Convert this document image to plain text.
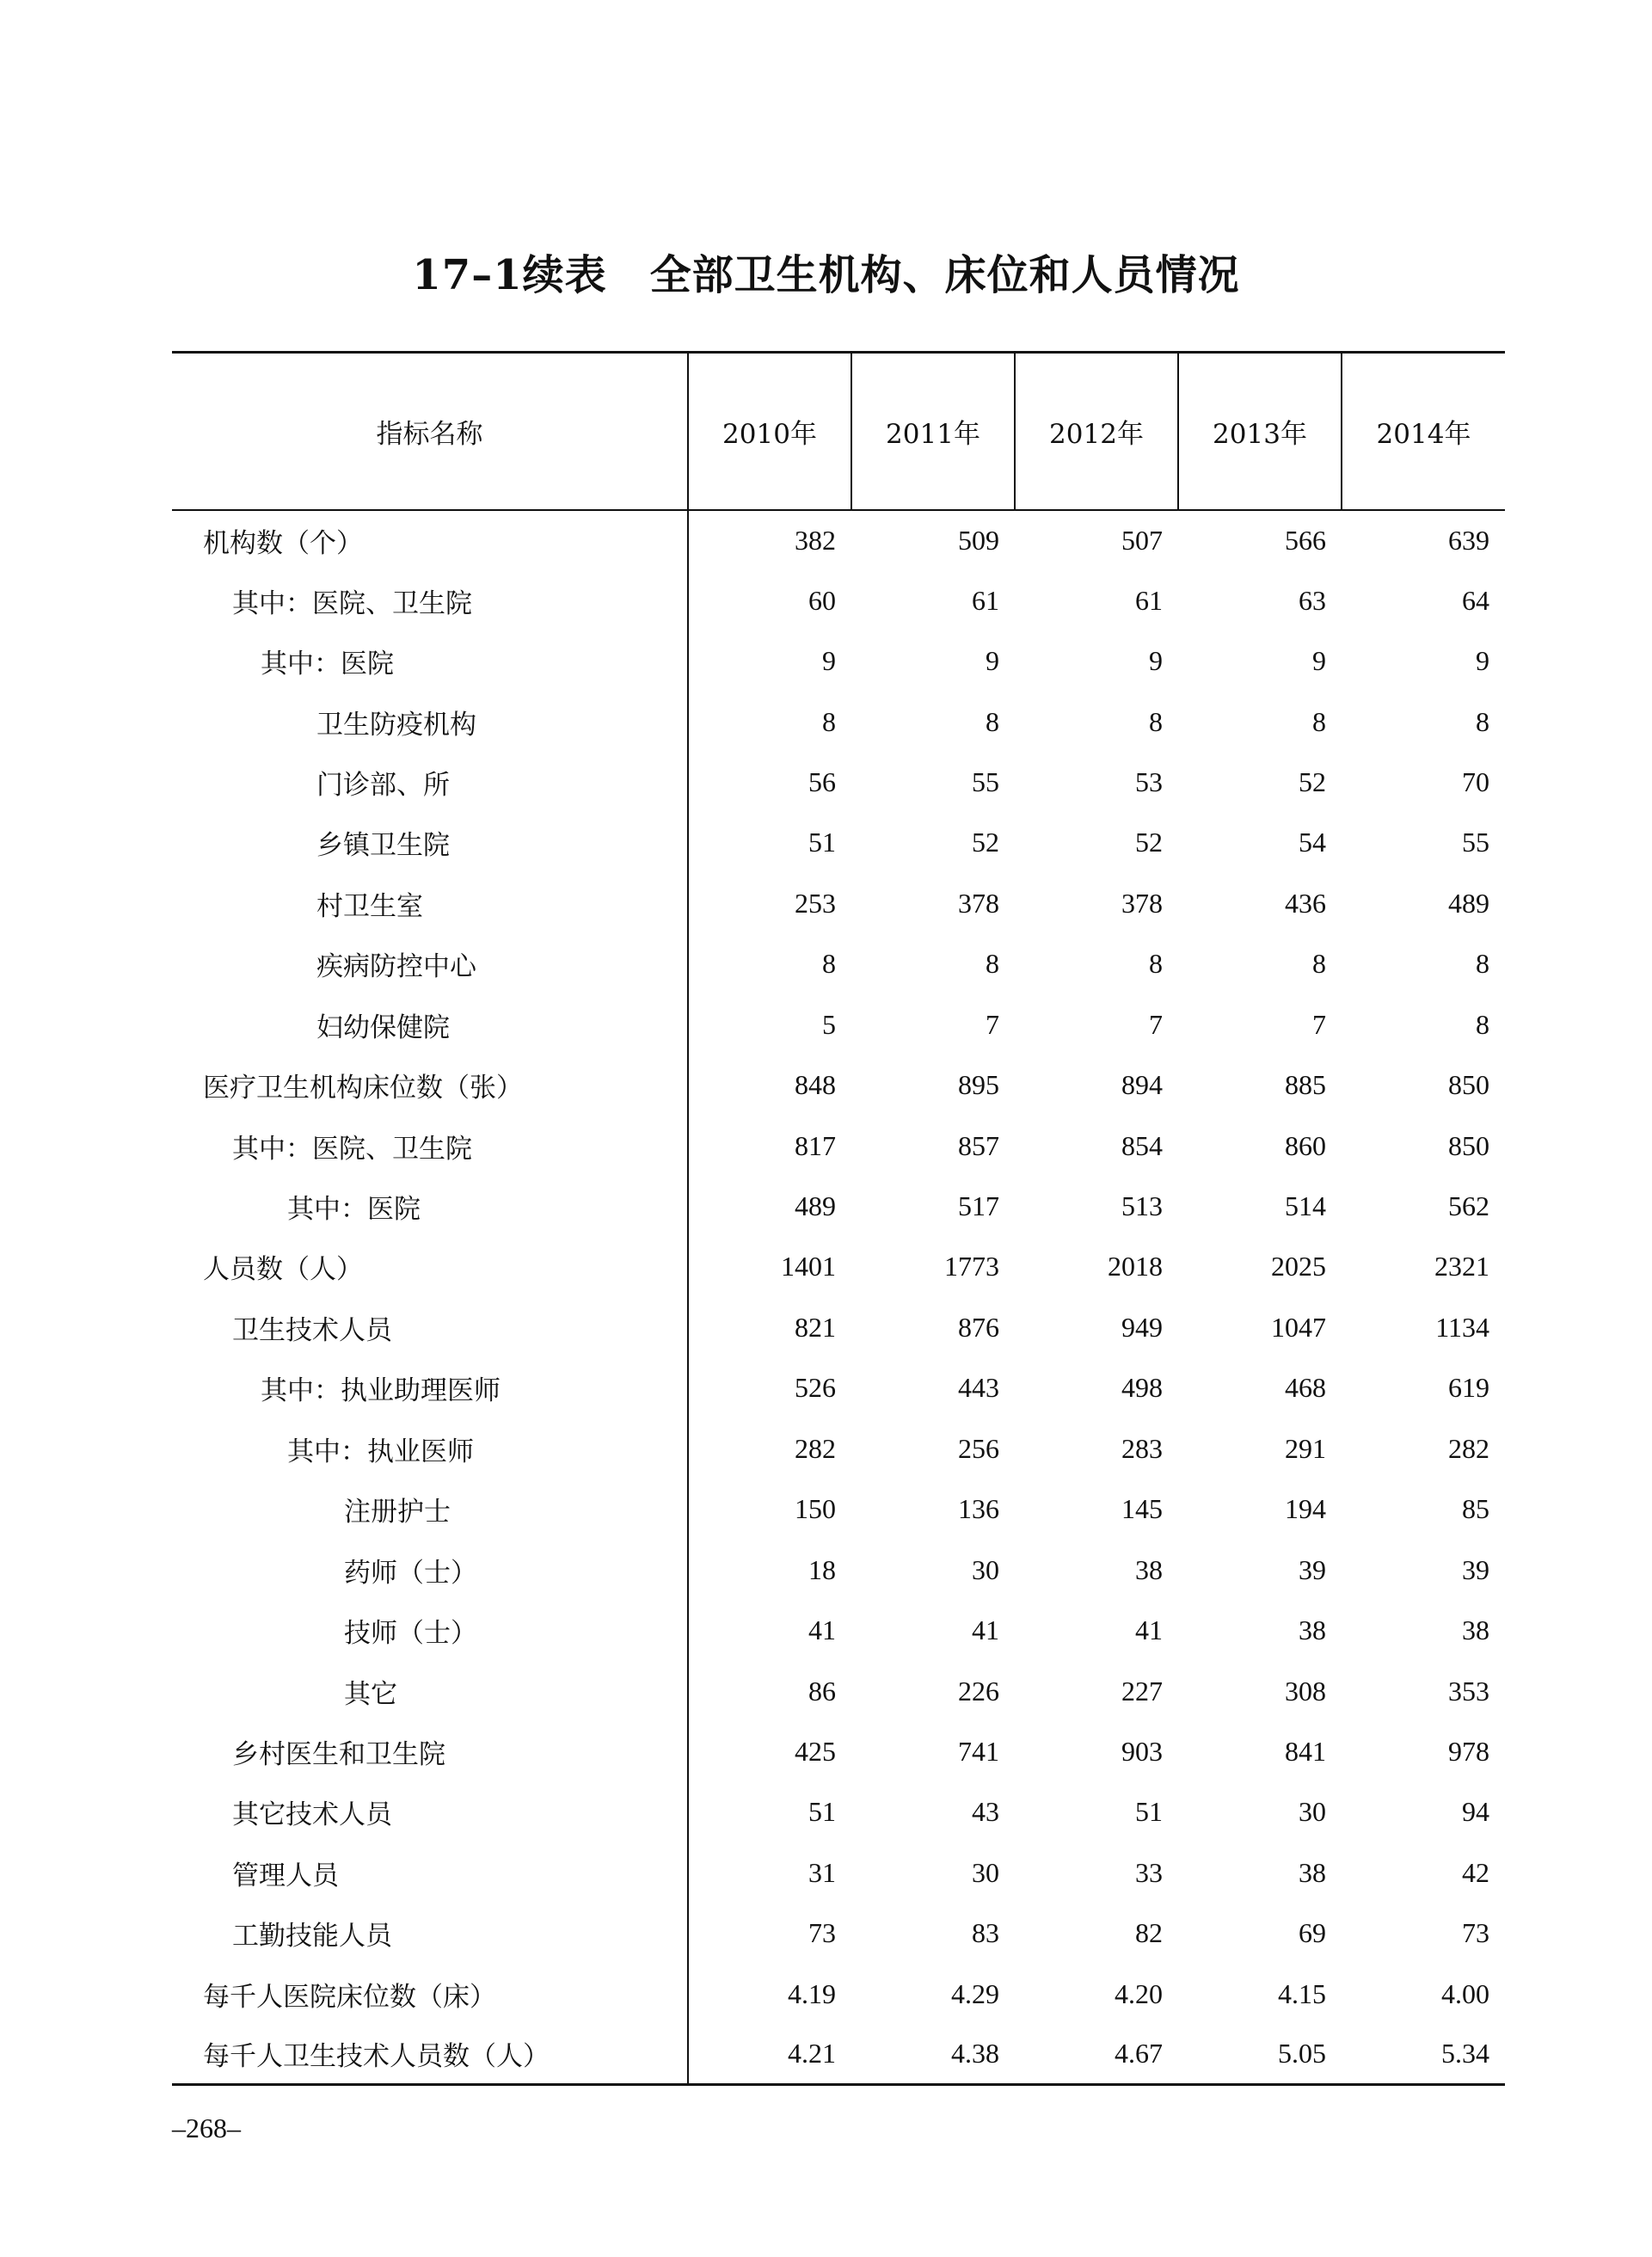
17–1续表 全部卫生机构、床位和人员情况
指标名称	2010年	2011年	2012年	2013年	2014年
机构数（个）	382	509	507	566	639
其中：医院、卫生院	60	61	61	63	64
其中：医院	9	9	9	9	9
卫生防疫机构	8	8	8	8	8
门诊部、所	56	55	53	52	70
乡镇卫生院	51	52	52	54	55
村卫生室	253	378	378	436	489
疾病防控中心	8	8	8	8	8
妇幼保健院	5	7	7	7	8
医疗卫生机构床位数（张）	848	895	894	885	850
其中：医院、卫生院	817	857	854	860	850
其中：医院	489	517	513	514	562
人员数（人）	1401	1773	2018	2025	2321
卫生技术人员	821	876	949	1047	1134
其中：执业助理医师	526	443	498	468	619
其中：执业医师	282	256	283	291	282
注册护士	150	136	145	194	85
药师（士）	18	30	38	39	39
技师（士）	41	41	41	38	38
其它	86	226	227	308	353
乡村医生和卫生院	425	741	903	841	978
其它技术人员	51	43	51	30	94
管理人员	31	30	33	38	42
工勤技能人员	73	83	82	69	73
每千人医院床位数（床）	4.19	4.29	4.20	4.15	4.00
每千人卫生技术人员数（人）	4.21	4.38	4.67	5.05	5.34
–268–
